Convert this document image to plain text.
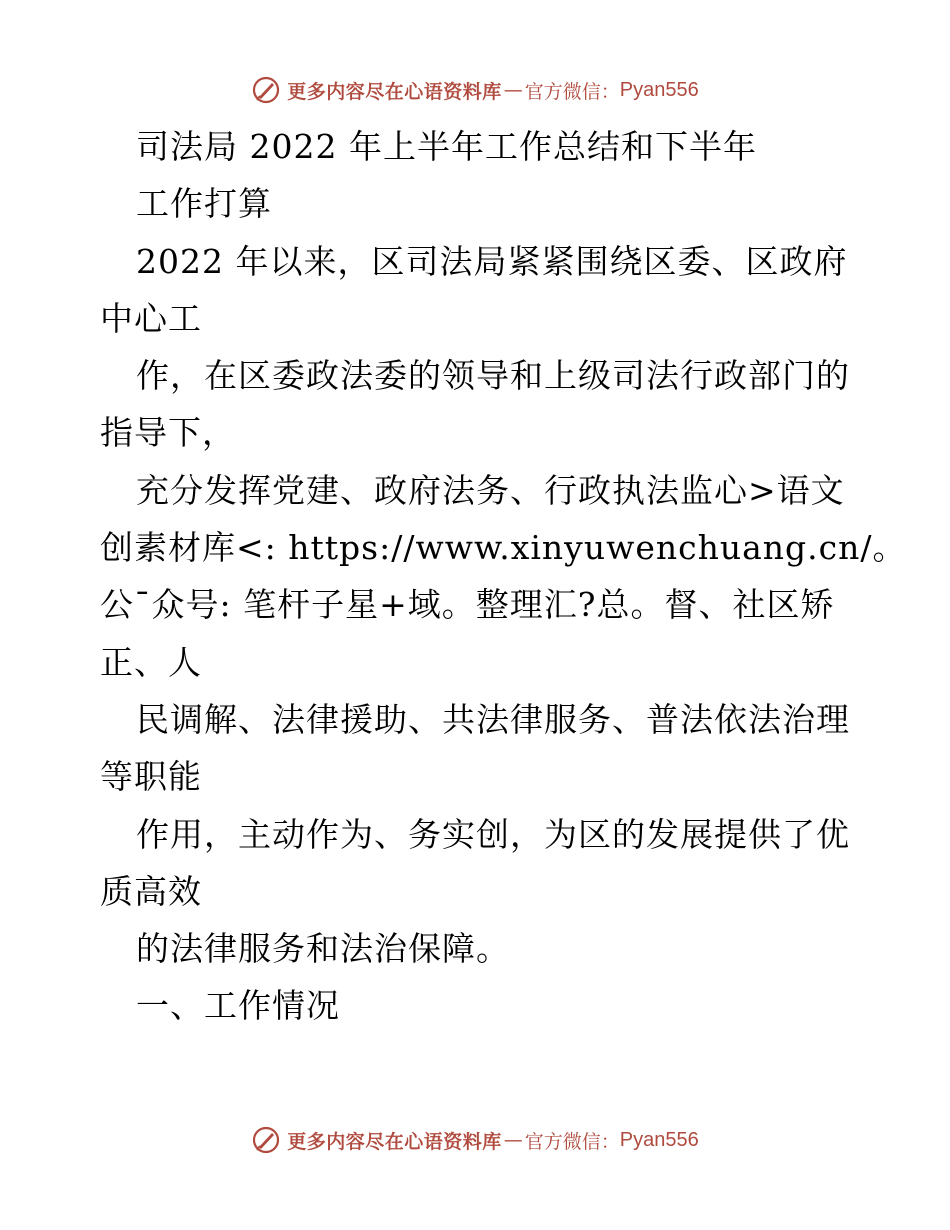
更多内容尽在心语资料库 — 官方微信： Pyan556
司法局 2022 年上半年工作总结和下半年
工作打算
2022 年以来，区司法局紧紧围绕区委、区政府
中心工
作，在区委政法委的领导和上级司法行政部门的
指导下，
充分发挥党建、政府法务、行政执法监心>语文
创素材库<: https://www.xinyuwenchuang.cn/。
公¯众号: 笔杆子星+域。整理汇?总。督、社区矫
正、人
民调解、法律援助、共法律服务、普法依法治理
等职能
作用，主动作为、务实创，为区的发展提供了优
质高效
的法律服务和法治保障。
一、工作情况
更多内容尽在心语资料库 — 官方微信： Pyan556
